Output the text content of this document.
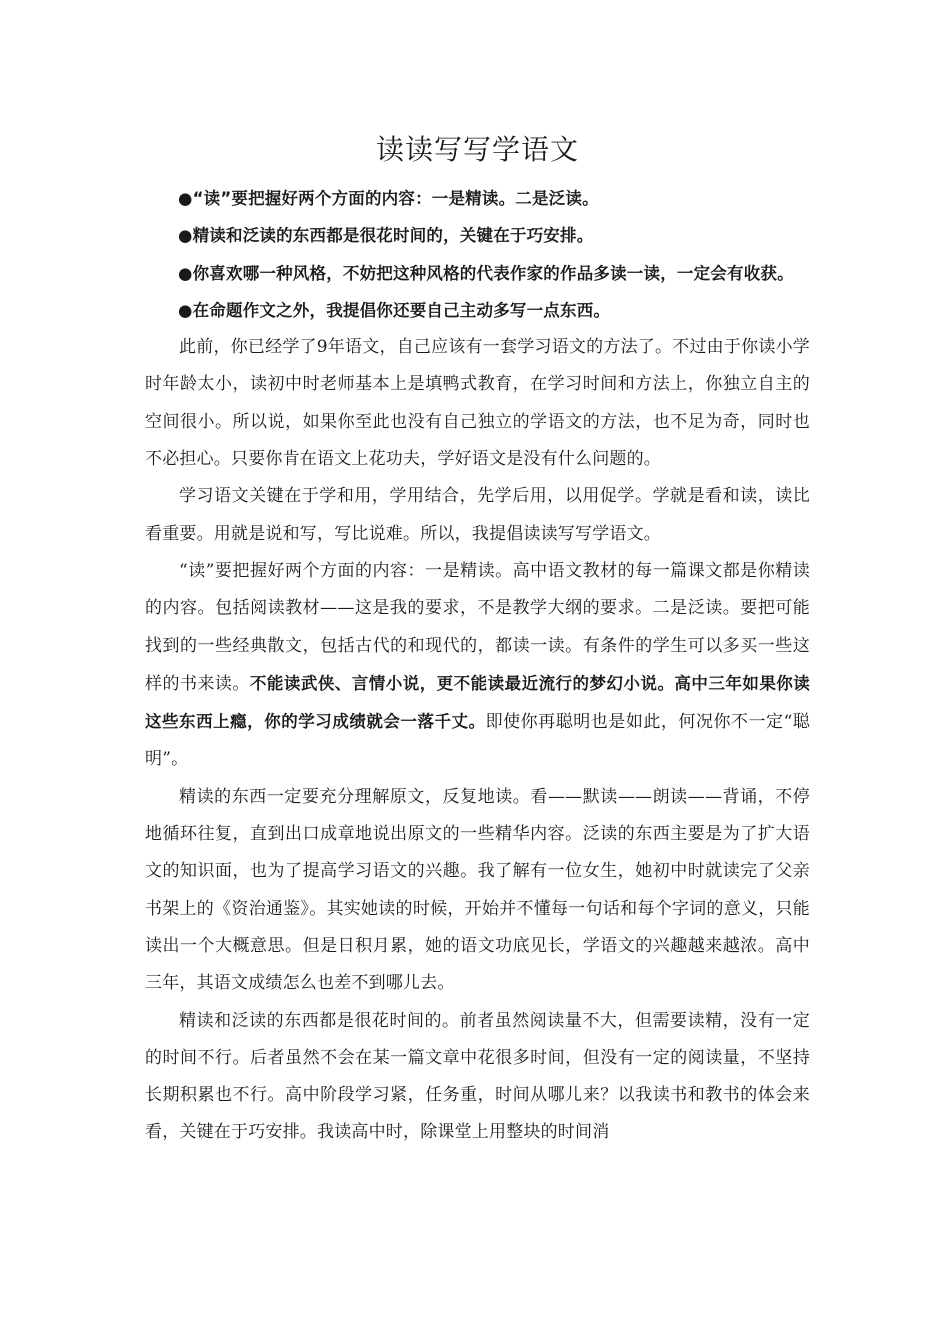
读读写写学语文

●“读”要把握好两个方面的内容：一是精读。二是泛读。

●精读和泛读的东西都是很花时间的，关键在于巧安排。

●你喜欢哪一种风格，不妨把这种风格的代表作家的作品多读一读，一定会有收获。

●在命题作文之外，我提倡你还要自己主动多写一点东西。

此前，你已经学了9年语文，自己应该有一套学习语文的方法了。不过由于你读小学时年龄太小，读初中时老师基本上是填鸭式教育，在学习时间和方法上，你独立自主的空间很小。所以说，如果你至此也没有自己独立的学语文的方法，也不足为奇，同时也不必担心。只要你肯在语文上花功夫，学好语文是没有什么问题的。

学习语文关键在于学和用，学用结合，先学后用，以用促学。学就是看和读，读比看重要。用就是说和写，写比说难。所以，我提倡读读写写学语文。

“读”要把握好两个方面的内容：一是精读。高中语文教材的每一篇课文都是你精读的内容。包括阅读教材——这是我的要求，不是教学大纲的要求。二是泛读。要把可能找到的一些经典散文，包括古代的和现代的，都读一读。有条件的学生可以多买一些这样的书来读。不能读武侠、言情小说，更不能读最近流行的梦幻小说。高中三年如果你读这些东西上瘾，你的学习成绩就会一落千丈。即使你再聪明也是如此，何况你不一定“聪明”。

精读的东西一定要充分理解原文，反复地读。看——默读——朗读——背诵，不停地循环往复，直到出口成章地说出原文的一些精华内容。泛读的东西主要是为了扩大语文的知识面，也为了提高学习语文的兴趣。我了解有一位女生，她初中时就读完了父亲书架上的《资治通鉴》。其实她读的时候，开始并不懂每一句话和每个字词的意义，只能读出一个大概意思。但是日积月累，她的语文功底见长，学语文的兴趣越来越浓。高中三年，其语文成绩怎么也差不到哪儿去。

精读和泛读的东西都是很花时间的。前者虽然阅读量不大，但需要读精，没有一定的时间不行。后者虽然不会在某一篇文章中花很多时间，但没有一定的阅读量，不坚持长期积累也不行。高中阶段学习紧，任务重，时间从哪儿来？以我读书和教书的体会来看，关键在于巧安排。我读高中时，除课堂上用整块的时间消
